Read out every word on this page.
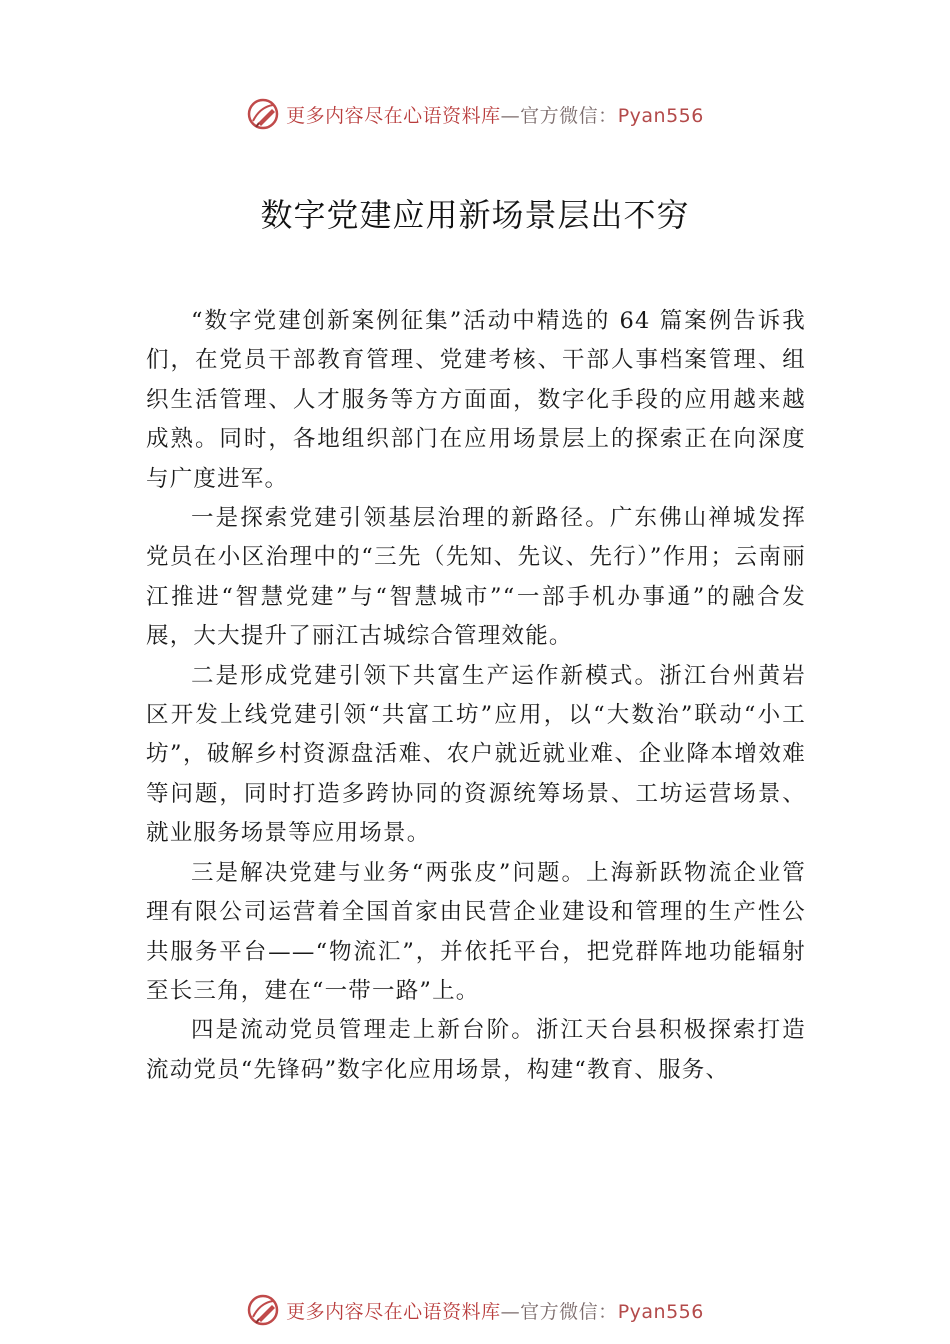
更多内容尽在心语资料库—官方微信：Pyan556
数字党建应用新场景层出不穷

“数字党建创新案例征集”活动中精选的 64 篇案例告诉我们，在党员干部教育管理、党建考核、干部人事档案管理、组织生活管理、人才服务等方方面面，数字化手段的应用越来越成熟。同时，各地组织部门在应用场景层上的探索正在向深度与广度进军。

一是探索党建引领基层治理的新路径。广东佛山禅城发挥党员在小区治理中的“三先（先知、先议、先行）”作用；云南丽江推进“智慧党建”与“智慧城市”“一部手机办事通”的融合发展，大大提升了丽江古城综合管理效能。

二是形成党建引领下共富生产运作新模式。浙江台州黄岩区开发上线党建引领“共富工坊”应用，以“大数治”联动“小工坊”，破解乡村资源盘活难、农户就近就业难、企业降本增效难等问题，同时打造多跨协同的资源统筹场景、工坊运营场景、就业服务场景等应用场景。

三是解决党建与业务“两张皮”问题。上海新跃物流企业管理有限公司运营着全国首家由民营企业建设和管理的生产性公共服务平台——“物流汇”，并依托平台，把党群阵地功能辐射至长三角，建在“一带一路”上。

四是流动党员管理走上新台阶。浙江天台县积极探索打造流动党员“先锋码”数字化应用场景，构建“教育、服务、

更多内容尽在心语资料库—官方微信：Pyan556
